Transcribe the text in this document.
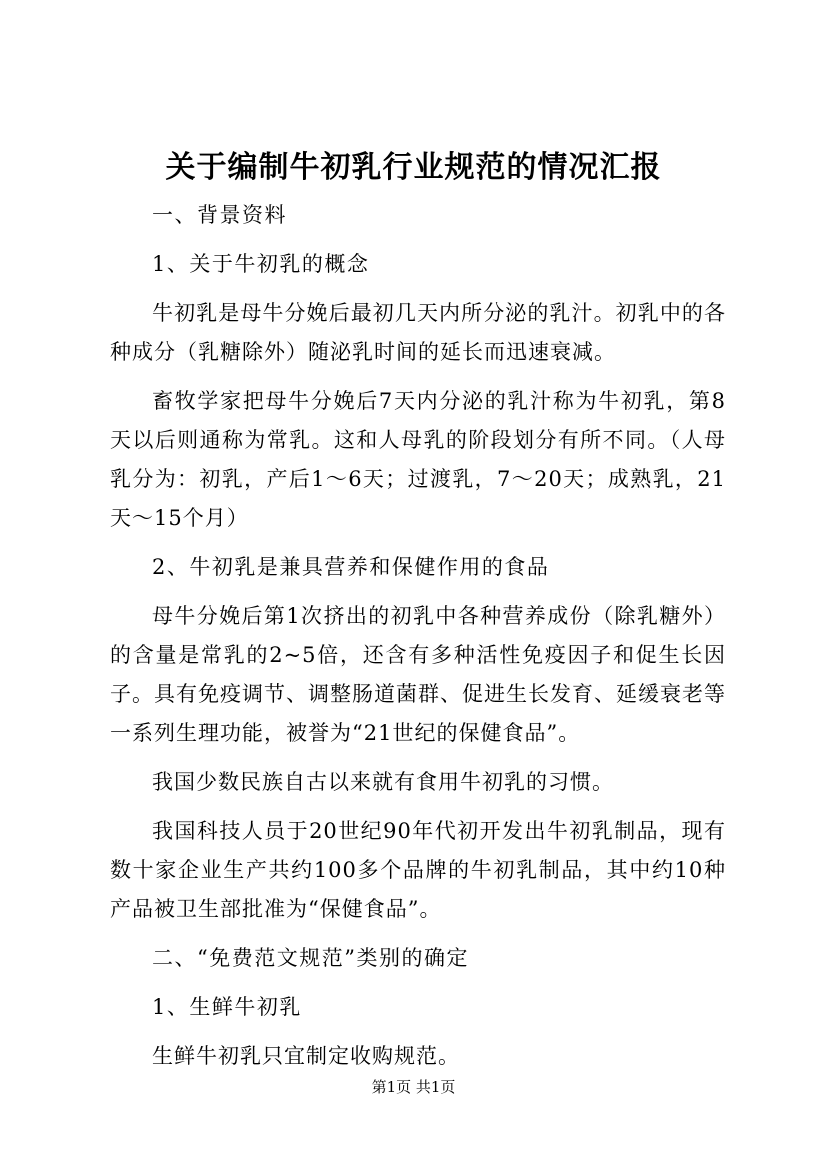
关于编制牛初乳行业规范的情况汇报

一、背景资料

1、关于牛初乳的概念

牛初乳是母牛分娩后最初几天内所分泌的乳汁。初乳中的各种成分（乳糖除外）随泌乳时间的延长而迅速衰减。

畜牧学家把母牛分娩后7天内分泌的乳汁称为牛初乳，第8天以后则通称为常乳。这和人母乳的阶段划分有所不同。（人母乳分为：初乳，产后1～6天；过渡乳，7～20天；成熟乳，21天～15个月）

2、牛初乳是兼具营养和保健作用的食品

母牛分娩后第1次挤出的初乳中各种营养成份（除乳糖外）的含量是常乳的2~5倍，还含有多种活性免疫因子和促生长因子。具有免疫调节、调整肠道菌群、促进生长发育、延缓衰老等一系列生理功能，被誉为“21世纪的保健食品”。

我国少数民族自古以来就有食用牛初乳的习惯。

我国科技人员于20世纪90年代初开发出牛初乳制品，现有数十家企业生产共约100多个品牌的牛初乳制品，其中约10种产品被卫生部批准为“保健食品”。

二、“免费范文规范”类别的确定

1、生鲜牛初乳

生鲜牛初乳只宜制定收购规范。

第1页 共1页
